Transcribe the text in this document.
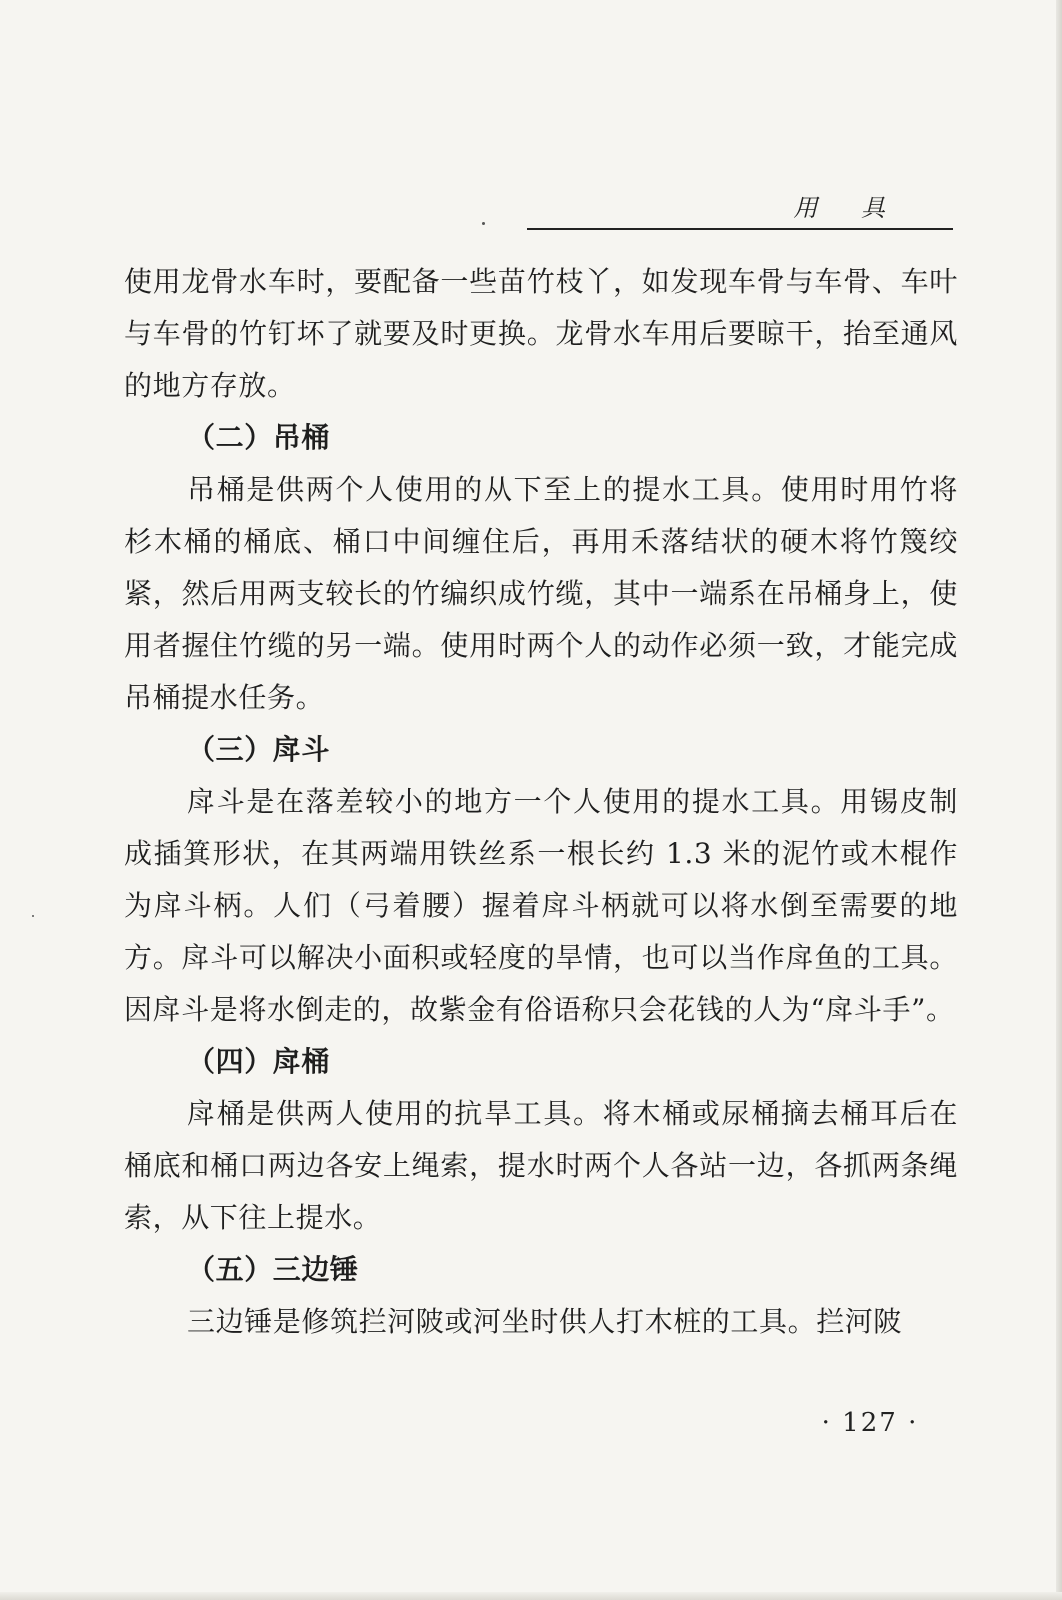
用 具

使用龙骨水车时，要配备一些苗竹枝丫，如发现车骨与车骨、车叶与车骨的竹钉坏了就要及时更换。龙骨水车用后要晾干，抬至通风的地方存放。

（二）吊桶

吊桶是供两个人使用的从下至上的提水工具。使用时用竹将杉木桶的桶底、桶口中间缠住后，再用禾落结状的硬木将竹篾绞紧，然后用两支较长的竹编织成竹缆，其中一端系在吊桶身上，使用者握住竹缆的另一端。使用时两个人的动作必须一致，才能完成吊桶提水任务。

（三）戽斗

戽斗是在落差较小的地方一个人使用的提水工具。用锡皮制成插箕形状，在其两端用铁丝系一根长约 1.3 米的泥竹或木棍作为戽斗柄。人们（弓着腰）握着戽斗柄就可以将水倒至需要的地方。戽斗可以解决小面积或轻度的旱情，也可以当作戽鱼的工具。因戽斗是将水倒走的，故紫金有俗语称只会花钱的人为“戽斗手”。

（四）戽桶

戽桶是供两人使用的抗旱工具。将木桶或尿桶摘去桶耳后在桶底和桶口两边各安上绳索，提水时两个人各站一边，各抓两条绳索，从下往上提水。

（五）三边锤

三边锤是修筑拦河陂或河坐时供人打木桩的工具。拦河陂

· 127 ·
